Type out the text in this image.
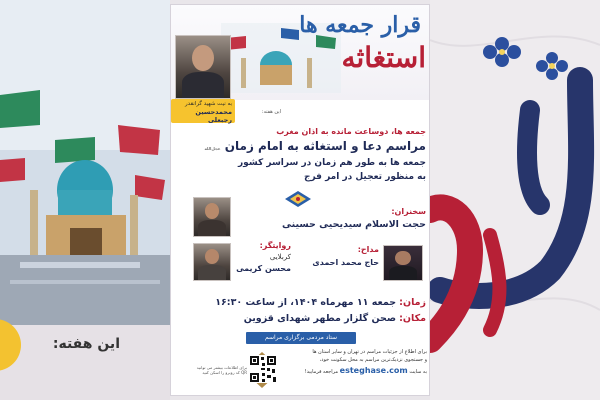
این هفته:
به نیت شهید گرانقدر
محمدحسین رجبعلی
قرار جمعه ها
استغاثه
این هفته:
جمعه ها، دوساعت مانده به اذان مغرب
مراسم دعا و استغاثه به امام زمان عجل‌الله
جمعه ها به طور هم زمان در سراسر کشور
به منظور تعجیل در امر فرج
سخنران:
حجت الاسلام سیدیحیی حسینی
روایتگر:
کربلایی
محسن کریمی
مداح:
حاج محمد احمدی
زمان: جمعه ۱۱ مهرماه ۱۴۰۴، از ساعت ۱۶:۳۰
مکان: صحن گلزار مطهر شهدای قزوین
ستاد مردمی برگزاری مراسم
برای اطلاعات بیشتر می توانید
QR کد روبرو را اسکن کنید
برای اطلاع از جزئیات مراسم در تهران و سایر استان ها
و جستجوی نزدیک‌ترین مراسم به محل سکونت خود،
به سایت esteghase.com مراجعه فرمایید!
